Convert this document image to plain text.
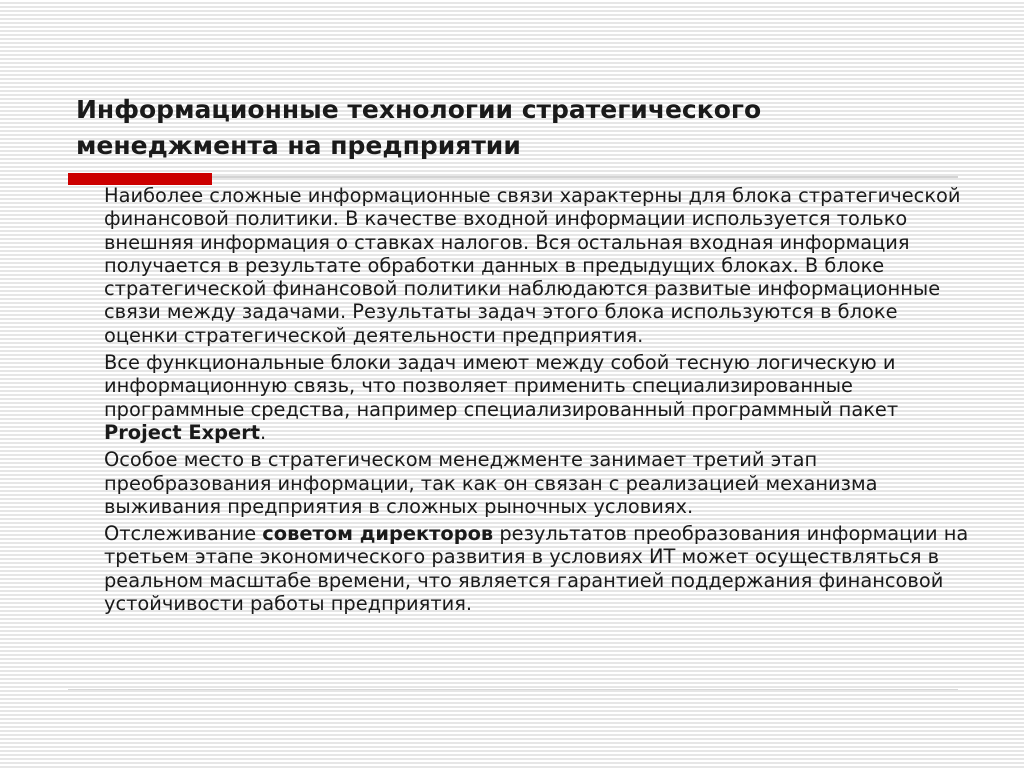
Информационные технологии стратегического менеджмента на предприятии

Наиболее сложные информационные связи характерны для блока стратегической финансовой политики. В качестве входной информации используется только внешняя информация о ставках налогов. Вся остальная входная информация получается в результате обработки данных в предыдущих блоках. В блоке стратегической финансовой политики наблюдаются развитые информационные связи между задачами. Результаты задач этого блока используются в блоке оценки стратегической деятельности предприятия.

Все функциональные блоки задач имеют между собой тесную логическую и информационную связь, что позволяет применить специализированные программные средства, например специализированный программный пакет Project Expert.

Особое место в стратегическом менеджменте занимает третий этап преобразования информации, так как он связан с реализацией механизма выживания предприятия в сложных рыночных условиях.

Отслеживание советом директоров результатов преобразования информации на третьем этапе экономического развития в условиях ИТ может осуществляться в реальном масштабе времени, что является гарантией поддержания финансовой устойчивости работы предприятия.
